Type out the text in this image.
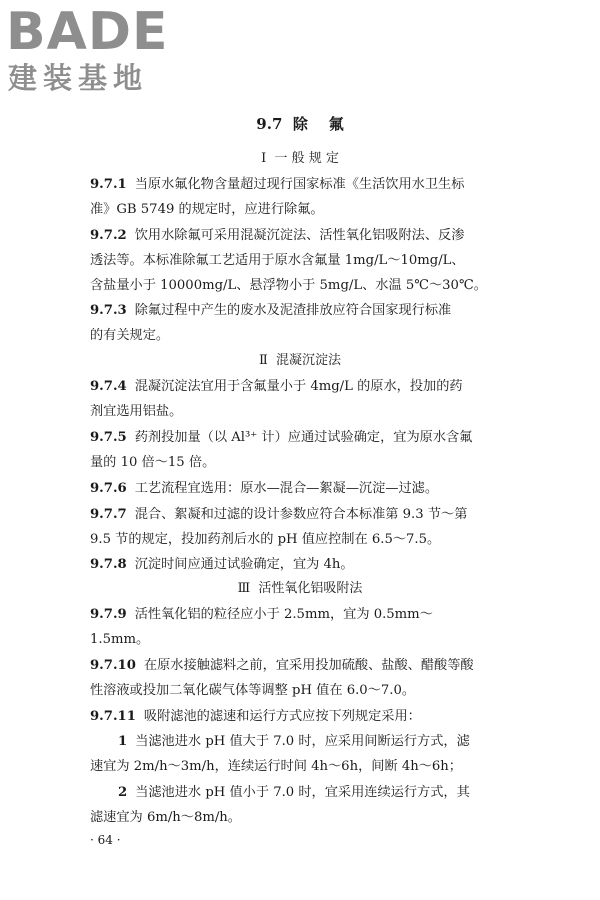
BADE
建装基地
9.7  除    氟
Ⅰ  一 般 规 定
9.7.1 当原水氟化物含量超过现行国家标准《生活饮用水卫生标
准》GB 5749 的规定时，应进行除氟。
9.7.2 饮用水除氟可采用混凝沉淀法、活性氧化铝吸附法、反渗
透法等。本标准除氟工艺适用于原水含氟量 1mg/L～10mg/L、
含盐量小于 10000mg/L、悬浮物小于 5mg/L、水温 5℃～30℃。
9.7.3 除氟过程中产生的废水及泥渣排放应符合国家现行标准
的有关规定。
Ⅱ  混凝沉淀法
9.7.4 混凝沉淀法宜用于含氟量小于 4mg/L 的原水，投加的药
剂宜选用铝盐。
9.7.5 药剂投加量（以 Al³⁺ 计）应通过试验确定，宜为原水含氟
量的 10 倍～15 倍。
9.7.6 工艺流程宜选用：原水—混合—絮凝—沉淀—过滤。
9.7.7 混合、絮凝和过滤的设计参数应符合本标准第 9.3 节～第
9.5 节的规定，投加药剂后水的 pH 值应控制在 6.5～7.5。
9.7.8 沉淀时间应通过试验确定，宜为 4h。
Ⅲ  活性氧化铝吸附法
9.7.9 活性氧化铝的粒径应小于 2.5mm，宜为 0.5mm～
1.5mm。
9.7.10 在原水接触滤料之前，宜采用投加硫酸、盐酸、醋酸等酸
性溶液或投加二氧化碳气体等调整 pH 值在 6.0～7.0。
9.7.11 吸附滤池的滤速和运行方式应按下列规定采用：
1 当滤池进水 pH 值大于 7.0 时，应采用间断运行方式，滤
速宜为 2m/h～3m/h，连续运行时间 4h～6h，间断 4h～6h；
2 当滤池进水 pH 值小于 7.0 时，宜采用连续运行方式，其
滤速宜为 6m/h～8m/h。
· 64 ·
